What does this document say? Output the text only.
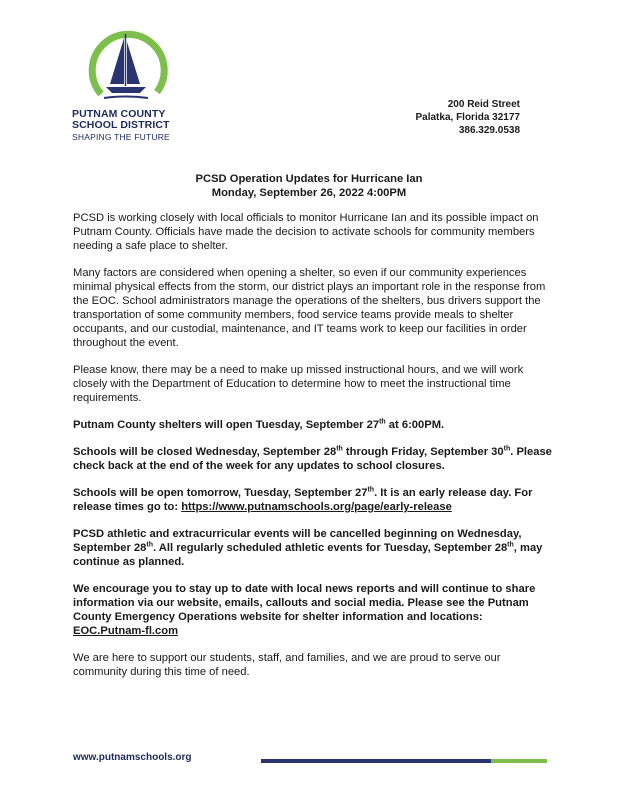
PUTNAM COUNTY
SCHOOL DISTRICT
SHAPING THE FUTURE
200 Reid Street
Palatka, Florida 32177
386.329.0538
PCSD Operation Updates for Hurricane Ian
Monday, September 26, 2022 4:00PM

PCSD is working closely with local officials to monitor Hurricane Ian and its possible impact on Putnam County. Officials have made the decision to activate schools for community members needing a safe place to shelter.

Many factors are considered when opening a shelter, so even if our community experiences minimal physical effects from the storm, our district plays an important role in the response from the EOC. School administrators manage the operations of the shelters, bus drivers support the transportation of some community members, food service teams provide meals to shelter occupants, and our custodial, maintenance, and IT teams work to keep our facilities in order throughout the event.

Please know, there may be a need to make up missed instructional hours, and we will work closely with the Department of Education to determine how to meet the instructional time requirements.

Putnam County shelters will open Tuesday, September 27th at 6:00PM.

Schools will be closed Wednesday, September 28th through Friday, September 30th. Please check back at the end of the week for any updates to school closures.

Schools will be open tomorrow, Tuesday, September 27th. It is an early release day. For release times go to: https://www.putnamschools.org/page/early-release

PCSD athletic and extracurricular events will be cancelled beginning on Wednesday, September 28th. All regularly scheduled athletic events for Tuesday, September 28th, may continue as planned.

We encourage you to stay up to date with local news reports and will continue to share information via our website, emails, callouts and social media. Please see the Putnam County Emergency Operations website for shelter information and locations: EOC.Putnam-fl.com

We are here to support our students, staff, and families, and we are proud to serve our community during this time of need.

www.putnamschools.org
